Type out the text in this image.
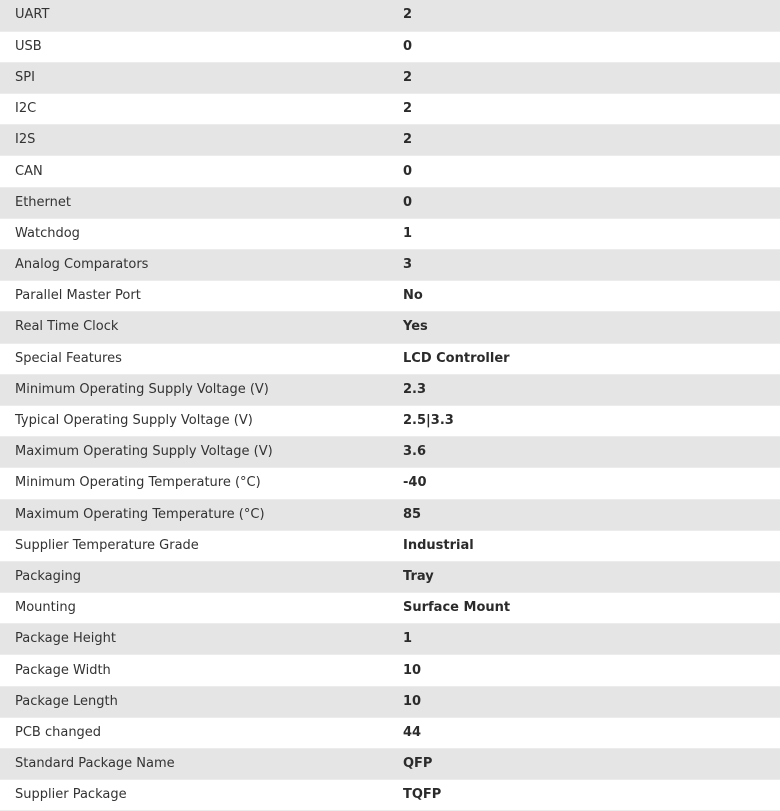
UART	2
USB	0
SPI	2
I2C	2
I2S	2
CAN	0
Ethernet	0
Watchdog	1
Analog Comparators	3
Parallel Master Port	No
Real Time Clock	Yes
Special Features	LCD Controller
Minimum Operating Supply Voltage (V)	2.3
Typical Operating Supply Voltage (V)	2.5|3.3
Maximum Operating Supply Voltage (V)	3.6
Minimum Operating Temperature (°C)	-40
Maximum Operating Temperature (°C)	85
Supplier Temperature Grade	Industrial
Packaging	Tray
Mounting	Surface Mount
Package Height	1
Package Width	10
Package Length	10
PCB changed	44
Standard Package Name	QFP
Supplier Package	TQFP
